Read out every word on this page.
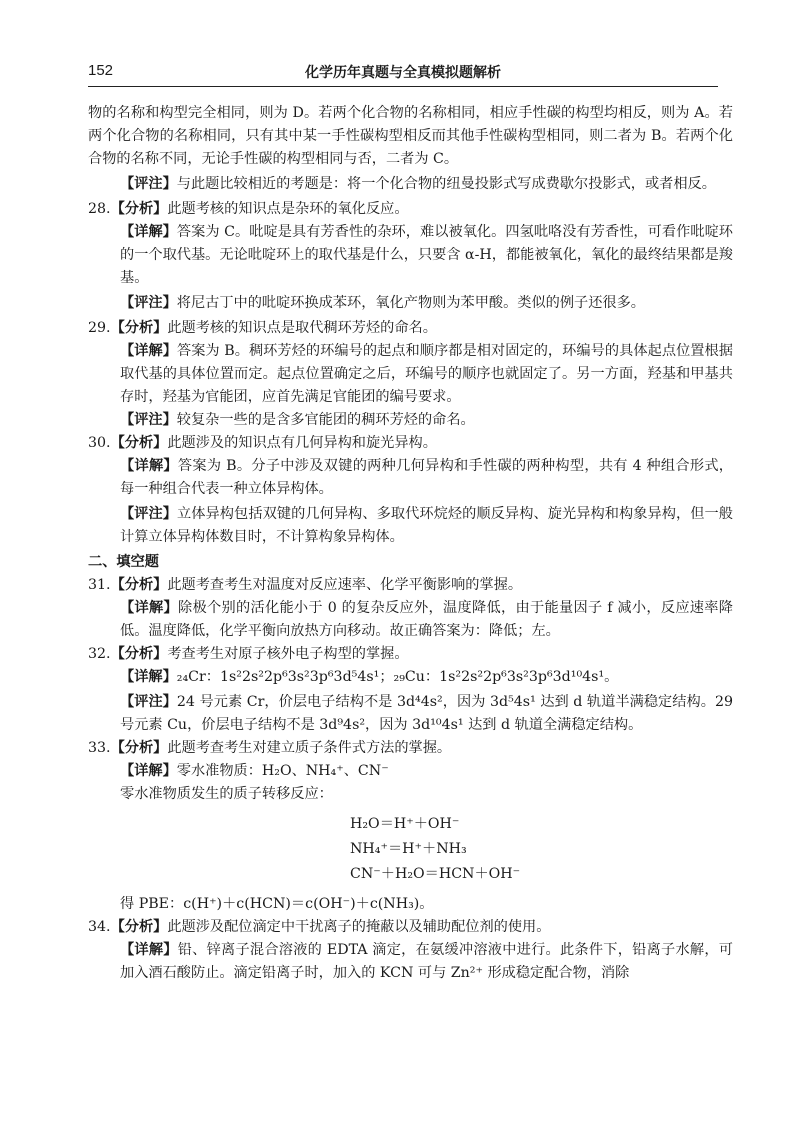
152	化学历年真题与全真模拟题解析

物的名称和构型完全相同，则为 D。若两个化合物的名称相同，相应手性碳的构型均相反，则为 A。若两个化合物的名称相同，只有其中某一手性碳构型相反而其他手性碳构型相同，则二者为 B。若两个化合物的名称不同，无论手性碳的构型相同与否，二者为 C。

【评注】与此题比较相近的考题是：将一个化合物的纽曼投影式写成费歇尔投影式，或者相反。

28.【分析】此题考核的知识点是杂环的氧化反应。

【详解】答案为 C。吡啶是具有芳香性的杂环，难以被氧化。四氢吡咯没有芳香性，可看作吡啶环的一个取代基。无论吡啶环上的取代基是什么，只要含 α-H，都能被氧化，氧化的最终结果都是羧基。

【评注】将尼古丁中的吡啶环换成苯环，氧化产物则为苯甲酸。类似的例子还很多。

29.【分析】此题考核的知识点是取代稠环芳烃的命名。

【详解】答案为 B。稠环芳烃的环编号的起点和顺序都是相对固定的，环编号的具体起点位置根据取代基的具体位置而定。起点位置确定之后，环编号的顺序也就固定了。另一方面，羟基和甲基共存时，羟基为官能团，应首先满足官能团的编号要求。

【评注】较复杂一些的是含多官能团的稠环芳烃的命名。

30.【分析】此题涉及的知识点有几何异构和旋光异构。

【详解】答案为 B。分子中涉及双键的两种几何异构和手性碳的两种构型，共有 4 种组合形式，每一种组合代表一种立体异构体。

【评注】立体异构包括双键的几何异构、多取代环烷烃的顺反异构、旋光异构和构象异构，但一般计算立体异构体数目时，不计算构象异构体。

二、填空题

31.【分析】此题考查考生对温度对反应速率、化学平衡影响的掌握。

【详解】除极个别的活化能小于 0 的复杂反应外，温度降低，由于能量因子 f 减小，反应速率降低。温度降低，化学平衡向放热方向移动。故正确答案为：降低；左。

32.【分析】考查考生对原子核外电子构型的掌握。

【详解】₂₄Cr：1s²2s²2p⁶3s²3p⁶3d⁵4s¹；₂₉Cu：1s²2s²2p⁶3s²3p⁶3d¹⁰4s¹。

【评注】24 号元素 Cr，价层电子结构不是 3d⁴4s²，因为 3d⁵4s¹ 达到 d 轨道半满稳定结构。29 号元素 Cu，价层电子结构不是 3d⁹4s²，因为 3d¹⁰4s¹ 达到 d 轨道全满稳定结构。

33.【分析】此题考查考生对建立质子条件式方法的掌握。

【详解】零水准物质：H₂O、NH₄⁺、CN⁻

零水准物质发生的质子转移反应：

H₂O＝H⁺＋OH⁻

NH₄⁺＝H⁺＋NH₃

CN⁻＋H₂O＝HCN＋OH⁻

得 PBE：c(H⁺)＋c(HCN)＝c(OH⁻)＋c(NH₃)。

34.【分析】此题涉及配位滴定中干扰离子的掩蔽以及辅助配位剂的使用。

【详解】铅、锌离子混合溶液的 EDTA 滴定，在氨缓冲溶液中进行。此条件下，铅离子水解，可加入酒石酸防止。滴定铅离子时，加入的 KCN 可与 Zn²⁺ 形成稳定配合物，消除
